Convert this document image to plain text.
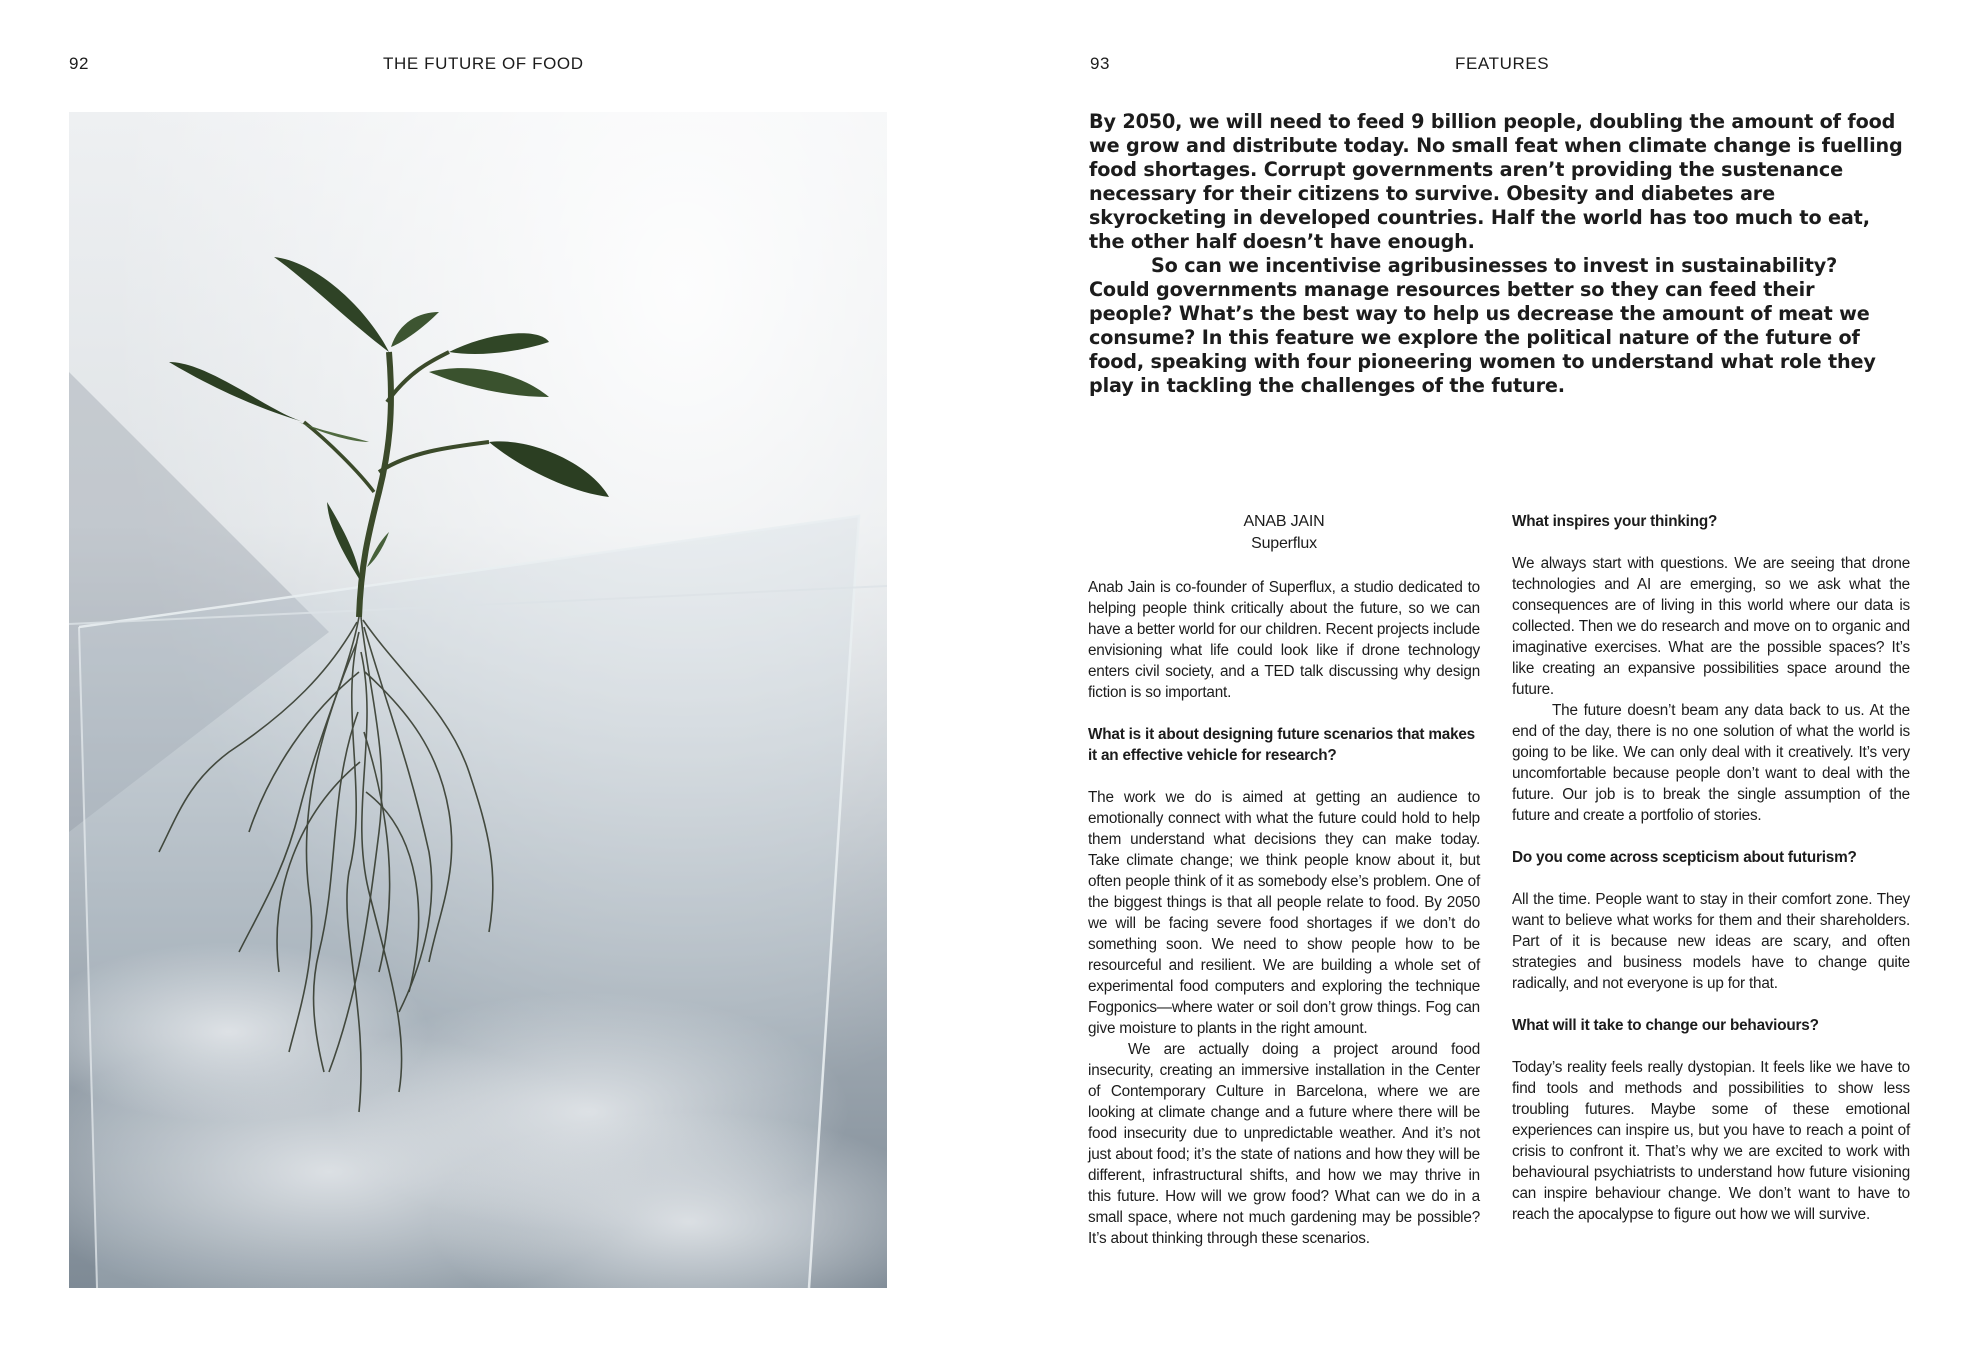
92	THE FUTURE OF FOOD	93	FEATURES

By 2050, we will need to feed 9 billion people, doubling the amount of food we grow and distribute today. No small feat when climate change is fuelling food shortages. Corrupt governments aren’t providing the sustenance necessary for their citizens to survive. Obesity and diabetes are skyrocketing in developed countries. Half the world has too much to eat, the other half doesn’t have enough.

So can we incentivise agribusinesses to invest in sustainability? Could governments manage resources better so they can feed their people? What’s the best way to help us decrease the amount of meat we consume? In this feature we explore the political nature of the future of food, speaking with four pioneering women to understand what role they play in tackling the challenges of the future.

ANAB JAIN
Superflux

Anab Jain is co-founder of Superflux, a studio dedicated to helping people think critically about the future, so we can have a better world for our children. Recent projects include envisioning what life could look like if drone technology enters civil society, and a TED talk discussing why design fiction is so important.

What is it about designing future scenarios that makes it an effective vehicle for research?

The work we do is aimed at getting an audience to emotionally connect with what the future could hold to help them understand what decisions they can make today. Take climate change; we think people know about it, but often people think of it as somebody else’s problem. One of the biggest things is that all people relate to food. By 2050 we will be facing severe food shortages if we don’t do something soon. We need to show people how to be resourceful and resilient. We are building a whole set of experimental food computers and exploring the technique Fogponics—where water or soil don’t grow things. Fog can give moisture to plants in the right amount.

We are actually doing a project around food insecurity, creating an immersive installation in the Center of Contemporary Culture in Barcelona, where we are looking at climate change and a future where there will be food insecurity due to unpredictable weather. And it’s not just about food; it’s the state of nations and how they will be different, infrastructural shifts, and how we may thrive in this future. How will we grow food? What can we do in a small space, where not much gardening may be possible? It’s about thinking through these scenarios.

What inspires your thinking?

We always start with questions. We are seeing that drone technologies and AI are emerging, so we ask what the consequences are of living in this world where our data is collected. Then we do research and move on to organic and imaginative exercises. What are the possible spaces? It’s like creating an expansive possibilities space around the future.

The future doesn’t beam any data back to us. At the end of the day, there is no one solution of what the world is going to be like. We can only deal with it creatively. It’s very uncomfortable because people don’t want to deal with the future. Our job is to break the single assumption of the future and create a portfolio of stories.

Do you come across scepticism about futurism?

All the time. People want to stay in their comfort zone. They want to believe what works for them and their shareholders. Part of it is because new ideas are scary, and often strategies and business models have to change quite radically, and not everyone is up for that.

What will it take to change our behaviours?

Today’s reality feels really dystopian. It feels like we have to find tools and methods and possibilities to show less troubling futures. Maybe some of these emotional experiences can inspire us, but you have to reach a point of crisis to confront it. That’s why we are excited to work with behavioural psychiatrists to understand how future visioning can inspire behaviour change. We don’t want to have to reach the apocalypse to figure out how we will survive.
